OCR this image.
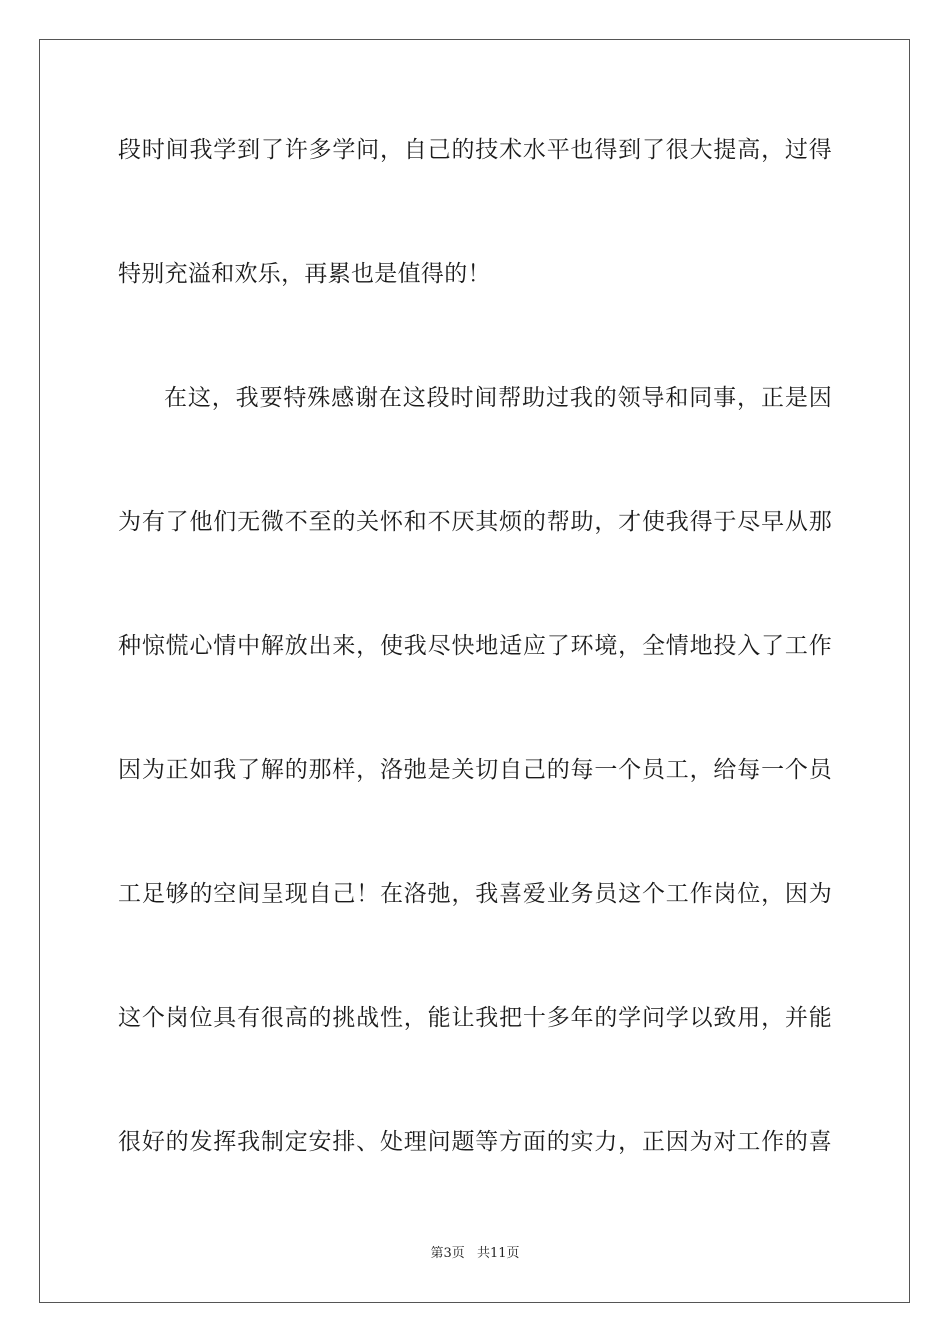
段时间我学到了许多学问，自己的技术水平也得到了很大提高，过得
特别充溢和欢乐，再累也是值得的！
在这，我要特殊感谢在这段时间帮助过我的领导和同事，正是因
为有了他们无微不至的关怀和不厌其烦的帮助，才使我得于尽早从那
种惊慌心情中解放出来，使我尽快地适应了环境，全情地投入了工作
因为正如我了解的那样，洛弛是关切自己的每一个员工，给每一个员
工足够的空间呈现自己！在洛弛，我喜爱业务员这个工作岗位，因为
这个岗位具有很高的挑战性，能让我把十多年的学问学以致用，并能
很好的发挥我制定安排、处理问题等方面的实力，正因为对工作的喜
第3页 共11页
